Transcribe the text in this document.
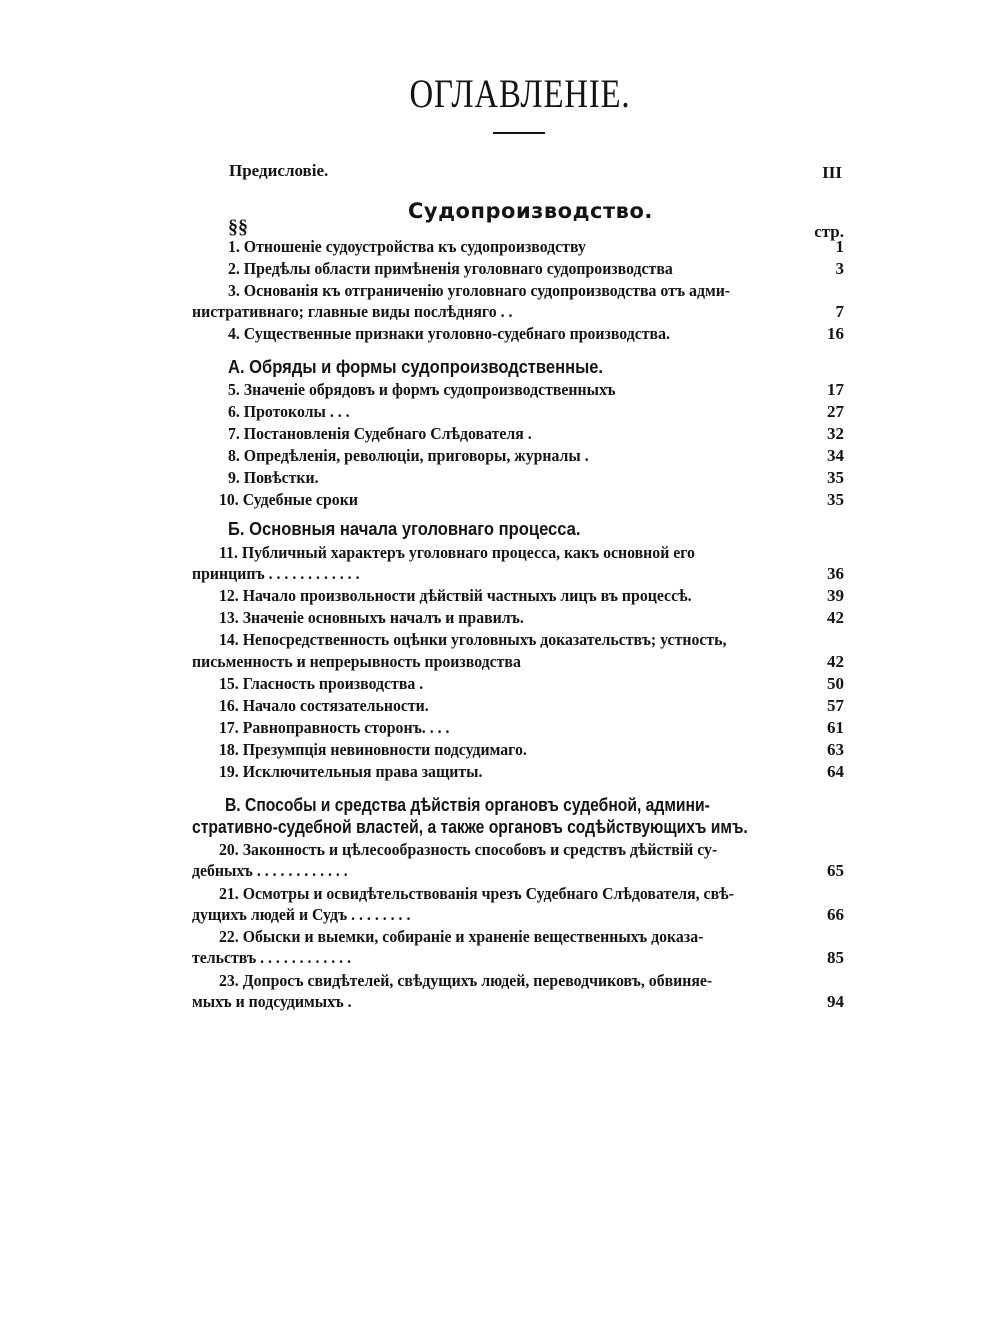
ОГЛАВЛЕНІЕ.
Предисловіе.	III
Судопроизводство.
§§	стр.
1. Отношеніе судоустройства къ судопроизводству	1
2. Предѣлы области примѣненія уголовнаго судопроизводства	3
3. Основанія къ отграниченію уголовнаго судопроизводства отъ адми-
нистративнаго; главные виды послѣдняго . .	7
4. Существенные признаки уголовно-судебнаго производства.	16
А. Обряды и формы судопроизводственные.
5. Значеніе обрядовъ и формъ судопроизводственныхъ	17
6. Протоколы . . .	27
7. Постановленія Судебнаго Слѣдователя .	32
8. Опредѣленія, революціи, приговоры, журналы .	34
9. Повѣстки.	35
10. Судебные сроки	35
Б. Основныя начала уголовнаго процесса.
11. Публичный характеръ уголовнаго процесса, какъ основной его
принципъ . . . . . . . . . . . .	36
12. Начало произвольности дѣйствій частныхъ лицъ въ процессѣ.	39
13. Значеніе основныхъ началъ и правилъ.	42
14. Непосредственность оцѣнки уголовныхъ доказательствъ; устность,
письменность и непрерывность производства	42
15. Гласность производства .	50
16. Начало состязательности.	57
17. Равноправность сторонъ. . . .	61
18. Презумпція невиновности подсудимаго.	63
19. Исключительныя права защиты.	64
В. Способы и средства дѣйствія органовъ судебной, админи-
стративно-судебной властей, а также органовъ содѣйствующихъ имъ.
20. Законность и цѣлесообразность способовъ и средствъ дѣйствій су-
дебныхъ . . . . . . . . . . . .	65
21. Осмотры и освидѣтельствованія чрезъ Судебнаго Слѣдователя, свѣ-
дущихъ людей и Судъ . . . . . . . .	66
22. Обыски и выемки, собираніе и храненіе вещественныхъ доказа-
тельствъ . . . . . . . . . . . .	85
23. Допросъ свидѣтелей, свѣдущихъ людей, переводчиковъ, обвиняе-
мыхъ и подсудимыхъ .	94
